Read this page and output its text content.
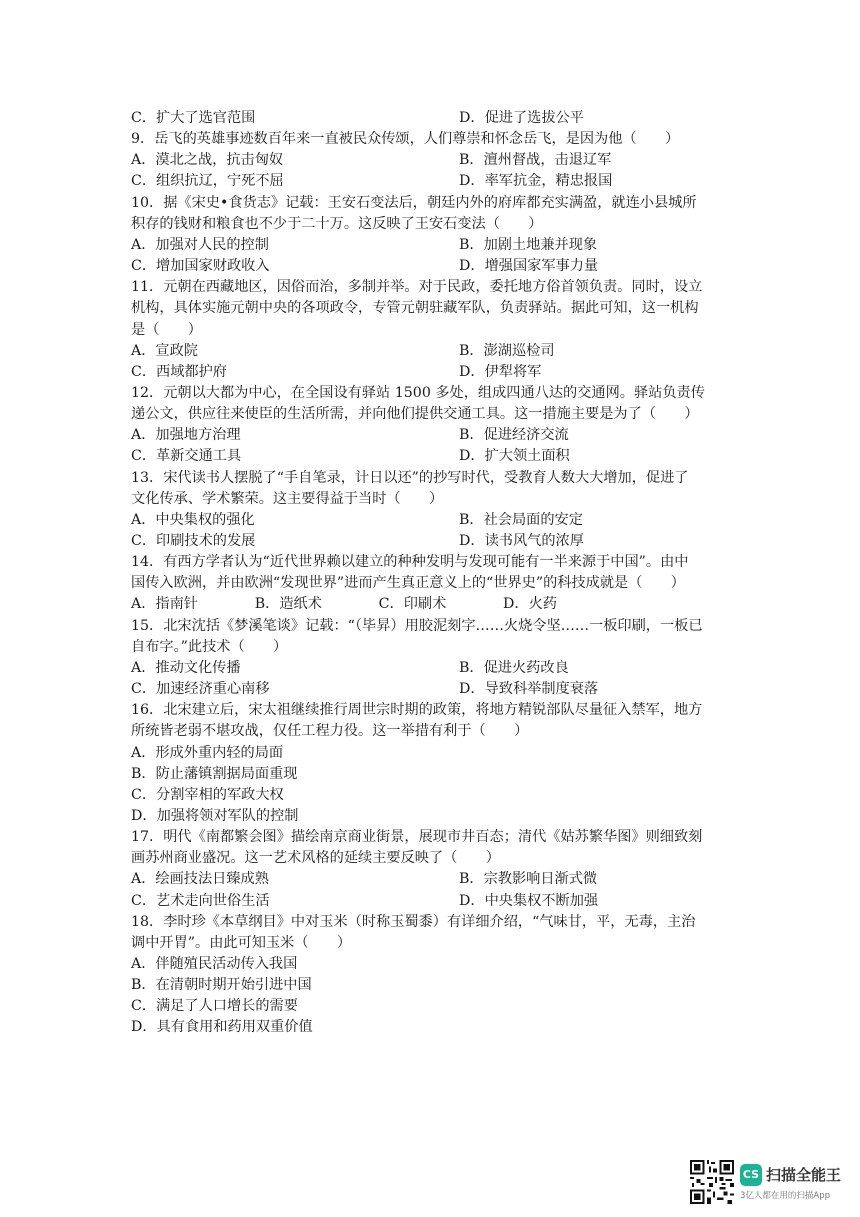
C．扩大了选官范围	D．促进了选拔公平
9．岳飞的英雄事迹数百年来一直被民众传颂，人们尊崇和怀念岳飞，是因为他（　　）
A．漠北之战，抗击匈奴	B．澶州督战，击退辽军
C．组织抗辽，宁死不屈	D．率军抗金，精忠报国
10．据《宋史•食货志》记载：王安石变法后，朝廷内外的府库都充实满盈，就连小县城所
积存的钱财和粮食也不少于二十万。这反映了王安石变法（　　）
A．加强对人民的控制	B．加剧土地兼并现象
C．增加国家财政收入	D．增强国家军事力量
11．元朝在西藏地区，因俗而治，多制并举。对于民政，委托地方俗首领负责。同时，设立
机构，具体实施元朝中央的各项政令，专管元朝驻藏军队，负责驿站。据此可知，这一机构
是（　　）
A．宣政院	B．澎湖巡检司
C．西域都护府	D．伊犁将军
12．元朝以大都为中心，在全国设有驿站 1500 多处，组成四通八达的交通网。驿站负责传
递公文，供应往来使臣的生活所需，并向他们提供交通工具。这一措施主要是为了（　　）
A．加强地方治理	B．促进经济交流
C．革新交通工具	D．扩大领土面积
13．宋代读书人摆脱了“手自笔录，计日以还”的抄写时代，受教育人数大大增加，促进了
文化传承、学术繁荣。这主要得益于当时（　　）
A．中央集权的强化	B．社会局面的安定
C．印刷技术的发展	D．读书风气的浓厚
14．有西方学者认为“近代世界赖以建立的种种发明与发现可能有一半来源于中国”。由中
国传入欧洲，并由欧洲“发现世界”进而产生真正意义上的“世界史”的科技成就是（　　）
A．指南针　　　　B．造纸术　　　　C．印刷术　　　　D．火药
15．北宋沈括《梦溪笔谈》记载：“（毕昇）用胶泥刻字……火烧令坚……一板印刷，一板已
自布字。”此技术（　　）
A．推动文化传播	B．促进火药改良
C．加速经济重心南移	D．导致科举制度衰落
16．北宋建立后，宋太祖继续推行周世宗时期的政策，将地方精锐部队尽量征入禁军，地方
所统皆老弱不堪攻战，仅任工程力役。这一举措有利于（　　）
A．形成外重内轻的局面
B．防止藩镇割据局面重现
C．分割宰相的军政大权
D．加强将领对军队的控制
17．明代《南都繁会图》描绘南京商业街景，展现市井百态；清代《姑苏繁华图》则细致刻
画苏州商业盛况。这一艺术风格的延续主要反映了（　　）
A．绘画技法日臻成熟	B．宗教影响日渐式微
C．艺术走向世俗生活	D．中央集权不断加强
18．李时珍《本草纲目》中对玉米（时称玉蜀黍）有详细介绍，“气味甘，平，无毒，主治
调中开胃”。由此可知玉米（　　）
A．伴随殖民活动传入我国
B．在清朝时期开始引进中国
C．满足了人口增长的需要
D．具有食用和药用双重价值
CS 扫描全能王
3亿人都在用的扫描App
